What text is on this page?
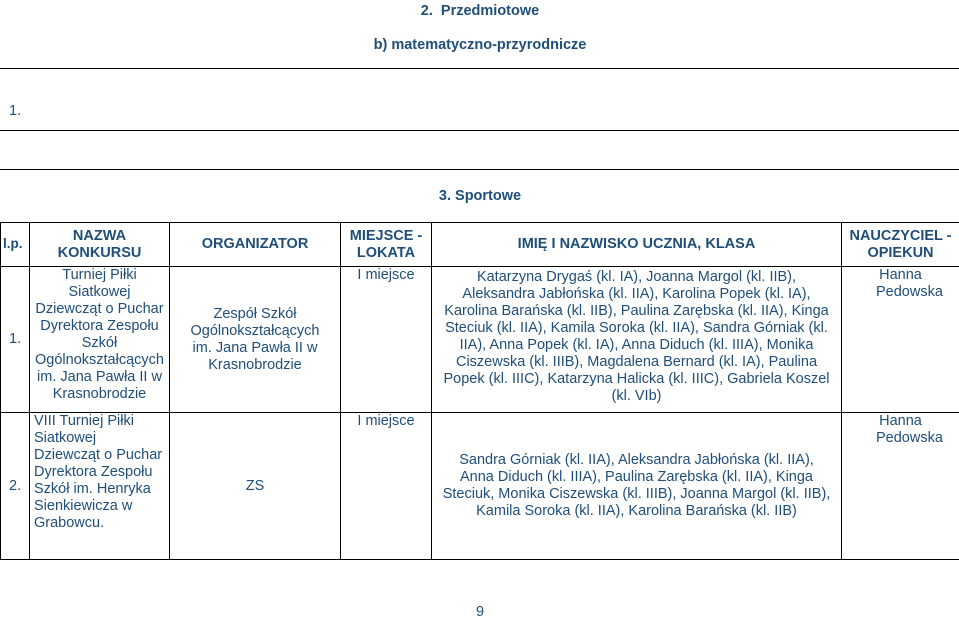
2.  Przedmiotowe
b) matematyczno-przyrodnicze
1.
3. Sportowe
l.p.	NAZWA KONKURSU	ORGANIZATOR	MIEJSCE - LOKATA	IMIĘ I NAZWISKO UCZNIA, KLASA	NAUCZYCIEL - OPIEKUN

1.	Turniej Piłki Siatkowej Dziewcząt o Puchar Dyrektora Zespołu Szkół Ogólnokształcących im. Jana Pawła II w Krasnobrodzie	Zespół Szkół Ogólnokształcących im. Jana Pawła II w Krasnobrodzie	I miejsce	Katarzyna Drygaś (kl. IA), Joanna Margol (kl. IIB), Aleksandra Jabłońska (kl. IIA), Karolina Popek (kl. IA), Karolina Barańska (kl. IIB), Paulina Zarębska (kl. IIA), Kinga Steciuk (kl. IIA), Kamila Soroka (kl. IIA), Sandra Górniak (kl. IIA), Anna Popek (kl. IA), Anna Diduch (kl. IIIA), Monika Ciszewska (kl. IIIB), Magdalena Bernard (kl. IA), Paulina Popek (kl. IIIC), Katarzyna Halicka (kl. IIIC), Gabriela Koszel (kl. VIb)	Hanna Pedowska

2.	VIII Turniej Piłki Siatkowej Dziewcząt o Puchar Dyrektora Zespołu Szkół im. Henryka Sienkiewicza w Grabowcu.	ZS	I miejsce	Sandra Górniak (kl. IIA), Aleksandra Jabłońska (kl. IIA), Anna Diduch (kl. IIIA), Paulina Zarębska (kl. IIA), Kinga Steciuk, Monika Ciszewska (kl. IIIB), Joanna Margol (kl. IIB), Kamila Soroka (kl. IIA), Karolina Barańska (kl. IIB)	Hanna Pedowska
9
